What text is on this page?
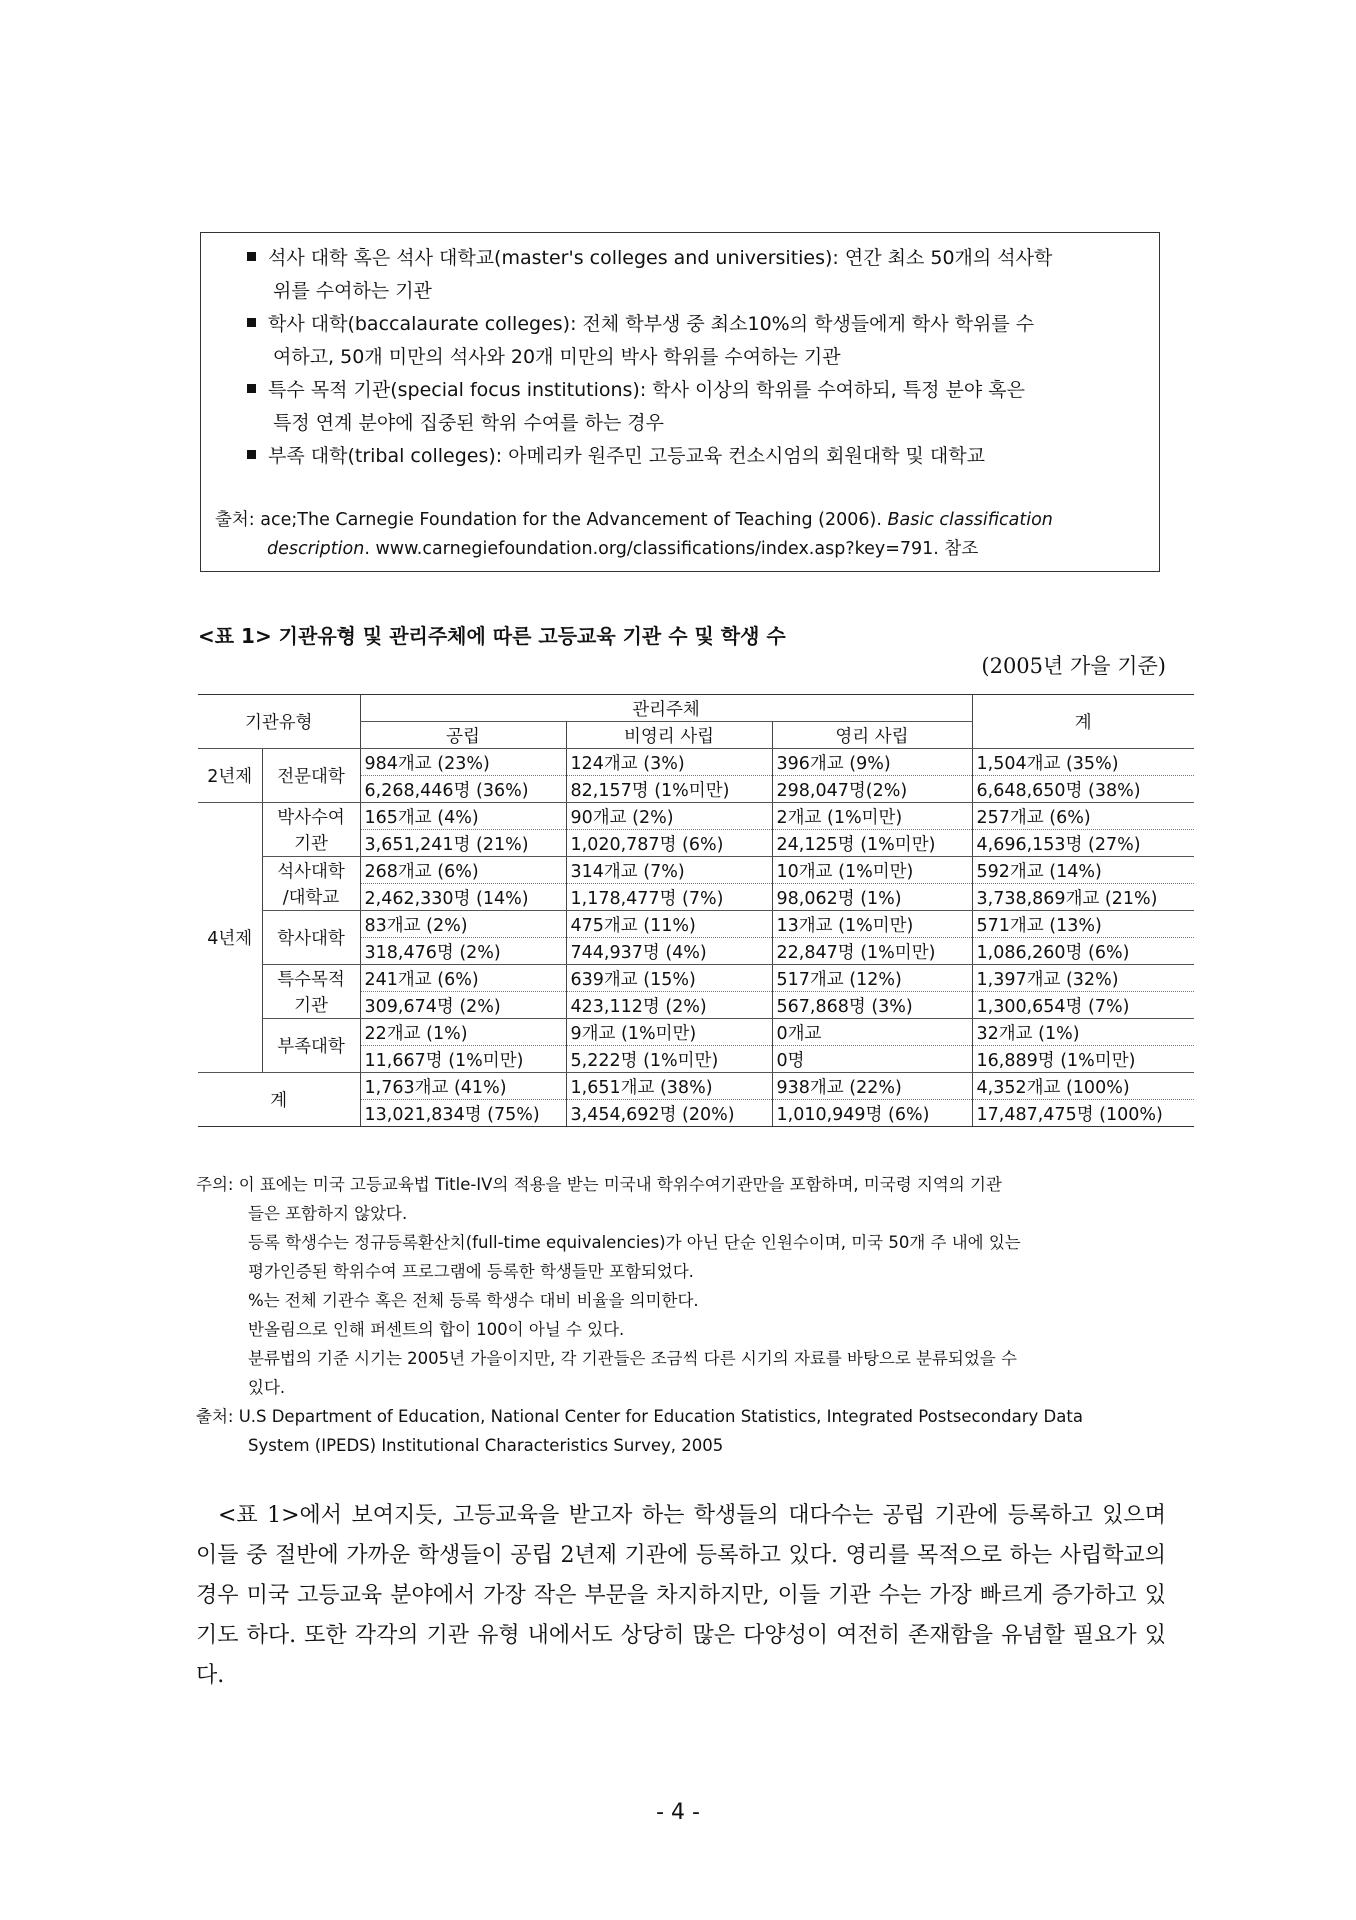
석사 대학 혹은 석사 대학교(master's colleges and universities): 연간 최소 50개의 석사학
위를 수여하는 기관
학사 대학(baccalaurate colleges): 전체 학부생 중 최소10%의 학생들에게 학사 학위를 수
여하고, 50개 미만의 석사와 20개 미만의 박사 학위를 수여하는 기관
특수 목적 기관(special focus institutions): 학사 이상의 학위를 수여하되, 특정 분야 혹은
특정 연계 분야에 집중된 학위 수여를 하는 경우
부족 대학(tribal colleges): 아메리카 원주민 고등교육 컨소시엄의 회원대학 및 대학교
출처: ace;The Carnegie Foundation for the Advancement of Teaching (2006). Basic classification
description. www.carnegiefoundation.org/classifications/index.asp?key=791. 참조
<표 1> 기관유형 및 관리주체에 따른 고등교육 기관 수 및 학생 수
(2005년 가을 기준)
기관유형		관리주체			계
		공립	비영리 사립	영리 사립	
2년제	전문대학	984개교 (23%)	124개교 (3%)	396개교 (9%)	1,504개교 (35%)
		6,268,446명 (36%)	82,157명 (1%미만)	298,047명(2%)	6,648,650명 (38%)
4년제	박사수여	165개교 (4%)	90개교 (2%)	2개교 (1%미만)	257개교 (6%)
	기관	3,651,241명 (21%)	1,020,787명 (6%)	24,125명 (1%미만)	4,696,153명 (27%)
	석사대학	268개교 (6%)	314개교 (7%)	10개교 (1%미만)	592개교 (14%)
	/대학교	2,462,330명 (14%)	1,178,477명 (7%)	98,062명 (1%)	3,738,869개교 (21%)
	학사대학	83개교 (2%)	475개교 (11%)	13개교 (1%미만)	571개교 (13%)
		318,476명 (2%)	744,937명 (4%)	22,847명 (1%미만)	1,086,260명 (6%)
	특수목적	241개교 (6%)	639개교 (15%)	517개교 (12%)	1,397개교 (32%)
	기관	309,674명 (2%)	423,112명 (2%)	567,868명 (3%)	1,300,654명 (7%)
	부족대학	22개교 (1%)	9개교 (1%미만)	0개교	32개교 (1%)
		11,667명 (1%미만)	5,222명 (1%미만)	0명	16,889명 (1%미만)
계		1,763개교 (41%)	1,651개교 (38%)	938개교 (22%)	4,352개교 (100%)
		13,021,834명 (75%)	3,454,692명 (20%)	1,010,949명 (6%)	17,487,475명 (100%)
주의: 이 표에는 미국 고등교육법 Title-IV의 적용을 받는 미국내 학위수여기관만을 포함하며, 미국령 지역의 기관
들은 포함하지 않았다.
등록 학생수는 정규등록환산치(full-time equivalencies)가 아닌 단순 인원수이며, 미국 50개 주 내에 있는
평가인증된 학위수여 프로그램에 등록한 학생들만 포함되었다.
%는 전체 기관수 혹은 전체 등록 학생수 대비 비율을 의미한다.
반올림으로 인해 퍼센트의 합이 100이 아닐 수 있다.
분류법의 기준 시기는 2005년 가을이지만, 각 기관들은 조금씩 다른 시기의 자료를 바탕으로 분류되었을 수
있다.
출처: U.S Department of Education, National Center for Education Statistics, Integrated Postsecondary Data
System (IPEDS) Institutional Characteristics Survey, 2005
<표 1>에서 보여지듯, 고등교육을 받고자 하는 학생들의 대다수는 공립 기관에 등록하고 있으며 이들 중 절반에 가까운 학생들이 공립 2년제 기관에 등록하고 있다. 영리를 목적으로 하는 사립학교의 경우 미국 고등교육 분야에서 가장 작은 부문을 차지하지만, 이들 기관 수는 가장 빠르게 증가하고 있기도 하다. 또한 각각의 기관 유형 내에서도 상당히 많은 다양성이 여전히 존재함을 유념할 필요가 있다.
- 4 -
